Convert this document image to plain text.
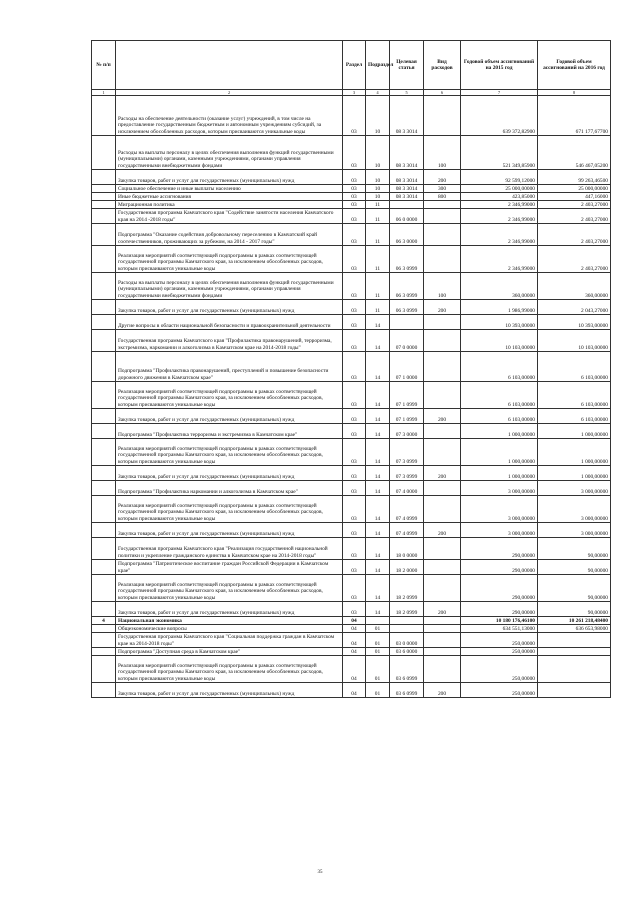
№ п/п		Раздел	Подраздел	Целевая статья	Вид расходов	Годовой объем ассигнований на 2015 год	Годовой объем ассигнований на 2016 год
1	2	3	4	5	6	7	8
	Расходы на обеспечение деятельности (оказание услуг) учреждений, в том числе на предоставление государственным бюджетным и автономным учреждениям субсидий, за исключением обособленных расходов, которым присваиваются уникальные коды	03	10	08 3 3014		639 372,82900	671 177,67700
	Расходы на выплаты персоналу в целях обеспечения выполнения функций государственными (муниципальными) органами, казенными учреждениями, органами управления государственными внебюджетными фондами	03	10	08 3 3014	100	521 349,85900	546 467,05200
	Закупка товаров, работ и услуг для государственных (муниципальных) нужд	03	10	08 3 3014	200	92 599,12000	99 263,46500
	Социальное обеспечение и иные выплаты населению	03	10	08 3 3014	300	25 000,00000	25 000,00000
	Иные бюджетные ассигнования	03	10	08 3 3014	800	423,85000	447,16000
	Миграционная политика	03	11			2 346,99000	2 403,27000
	Государственная программа Камчатского края "Содействие занятости населения Камчатского края на 2014 -2018 годы"	03	11	06 0 0000		2 346,99000	2 403,27000
	Подпрограмма "Оказание содействия добровольному переселению в Камчатский край соотечественников, проживающих за рубежом, на 2014 - 2017 годы"	03	11	06 3 0000		2 346,99000	2 403,27000
	Реализация мероприятий соответствующей подпрограммы в рамках соответствующей государственной программы Камчатского края, за исключением обособленных расходов, которым присваиваются уникальные коды	03	11	06 3 0999		2 346,99000	2 403,27000
	Расходы на выплаты персоналу в целях обеспечения выполнения функций государственными (муниципальными) органами, казенными учреждениями, органами управления государственными внебюджетными фондами	03	11	06 3 0999	100	360,00000	360,00000
	Закупка товаров, работ и услуг для государственных (муниципальных) нужд	03	11	06 3 0999	200	1 986,99000	2 043,27000
	Другие вопросы в области национальной безопасности и правоохранительной деятельности	03	14			10 393,00000	10 393,00000
	Государственная программа Камчатского края "Профилактика правонарушений, терроризма, экстремизма, наркомании и алкоголизма в Камчатском крае на 2014-2018 годы"	03	14	07 0 0000		10 103,00000	10 103,00000
	Подпрограмма "Профилактика правонарушений, преступлений и повышение безопасности дорожного движения в Камчатском крае"	03	14	07 1 0000		6 103,00000	6 103,00000
	Реализация мероприятий соответствующей подпрограммы в рамках соответствующей государственной программы Камчатского края, за исключением обособленных расходов, которым присваиваются уникальные коды	03	14	07 1 0999		6 103,00000	6 103,00000
	Закупка товаров, работ и услуг для государственных (муниципальных) нужд	03	14	07 1 0999	200	6 103,00000	6 103,00000
	Подпрограмма "Профилактика терроризма и экстремизма в Камчатском крае"	03	14	07 3 0000		1 000,00000	1 000,00000
	Реализация мероприятий соответствующей подпрограммы в рамках соответствующей государственной программы Камчатского края, за исключением обособленных расходов, которым присваиваются уникальные коды	03	14	07 3 0999		1 000,00000	1 000,00000
	Закупка товаров, работ и услуг для государственных (муниципальных) нужд	03	14	07 3 0999	200	1 000,00000	1 000,00000
	Подпрограмма "Профилактика наркомании и алкоголизма в Камчатском крае"	03	14	07 4 0000		3 000,00000	3 000,00000
	Реализация мероприятий соответствующей подпрограммы в рамках соответствующей государственной программы Камчатского края, за исключением обособленных расходов, которым присваиваются уникальные коды	03	14	07 4 0999		3 000,00000	3 000,00000
	Закупка товаров, работ и услуг для государственных (муниципальных) нужд	03	14	07 4 0999	200	3 000,00000	3 000,00000
	Государственная программа Камчатского края "Реализация государственной национальной политики и укрепление гражданского единства в Камчатском крае на 2014-2018 годы"	03	14	18 0 0000		290,00000	90,00000
	Подпрограмма "Патриотическое воспитание граждан Российской Федерации в Камчатском крае"	03	14	18 2 0000		290,00000	90,00000
	Реализация мероприятий соответствующей подпрограммы в рамках соответствующей государственной программы Камчатского края, за исключением обособленных расходов, которым присваиваются уникальные коды	03	14	18 2 0999		290,00000	90,00000
	Закупка товаров, работ и услуг для государственных (муниципальных) нужд	03	14	18 2 0999	200	290,00000	90,00000
4	Национальная экономика	04				10 180 176,46100	10 261 218,48400
	Общеэкономические вопросы	04	01			634 551,13000	636 653,98000
	Государственная программа Камчатского края "Социальная поддержка граждан в Камчатском крае на 2014-2018 годы"	04	01	03 0 0000		250,00000	
	Подпрограмма "Доступная среда в Камчатском крае"	04	01	03 6 0000		250,00000	
	Реализация мероприятий соответствующей подпрограммы в рамках соответствующей государственной программы Камчатского края, за исключением обособленных расходов, которым присваиваются уникальные коды	04	01	03 6 0999		250,00000	
	Закупка товаров, работ и услуг для государственных (муниципальных) нужд	04	01	03 6 0999	200	250,00000	
35
